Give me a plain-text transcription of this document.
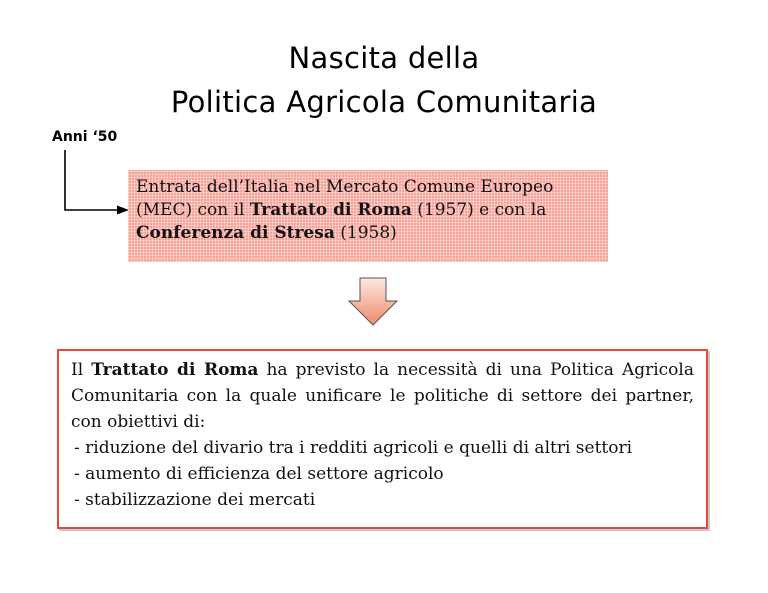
Nascita della
Politica Agricola Comunitaria
Anni ‘50
Entrata dell’Italia nel Mercato Comune Europeo (MEC) con il Trattato di Roma (1957) e con la Conferenza di Stresa (1958)

Il Trattato di Roma ha previsto la necessità di una Politica Agricola Comunitaria con la quale unificare le politiche di settore dei partner, con obiettivi di:

- riduzione del divario tra i redditi agricoli e quelli di altri settori
- aumento di efficienza del settore agricolo
- stabilizzazione dei mercati
